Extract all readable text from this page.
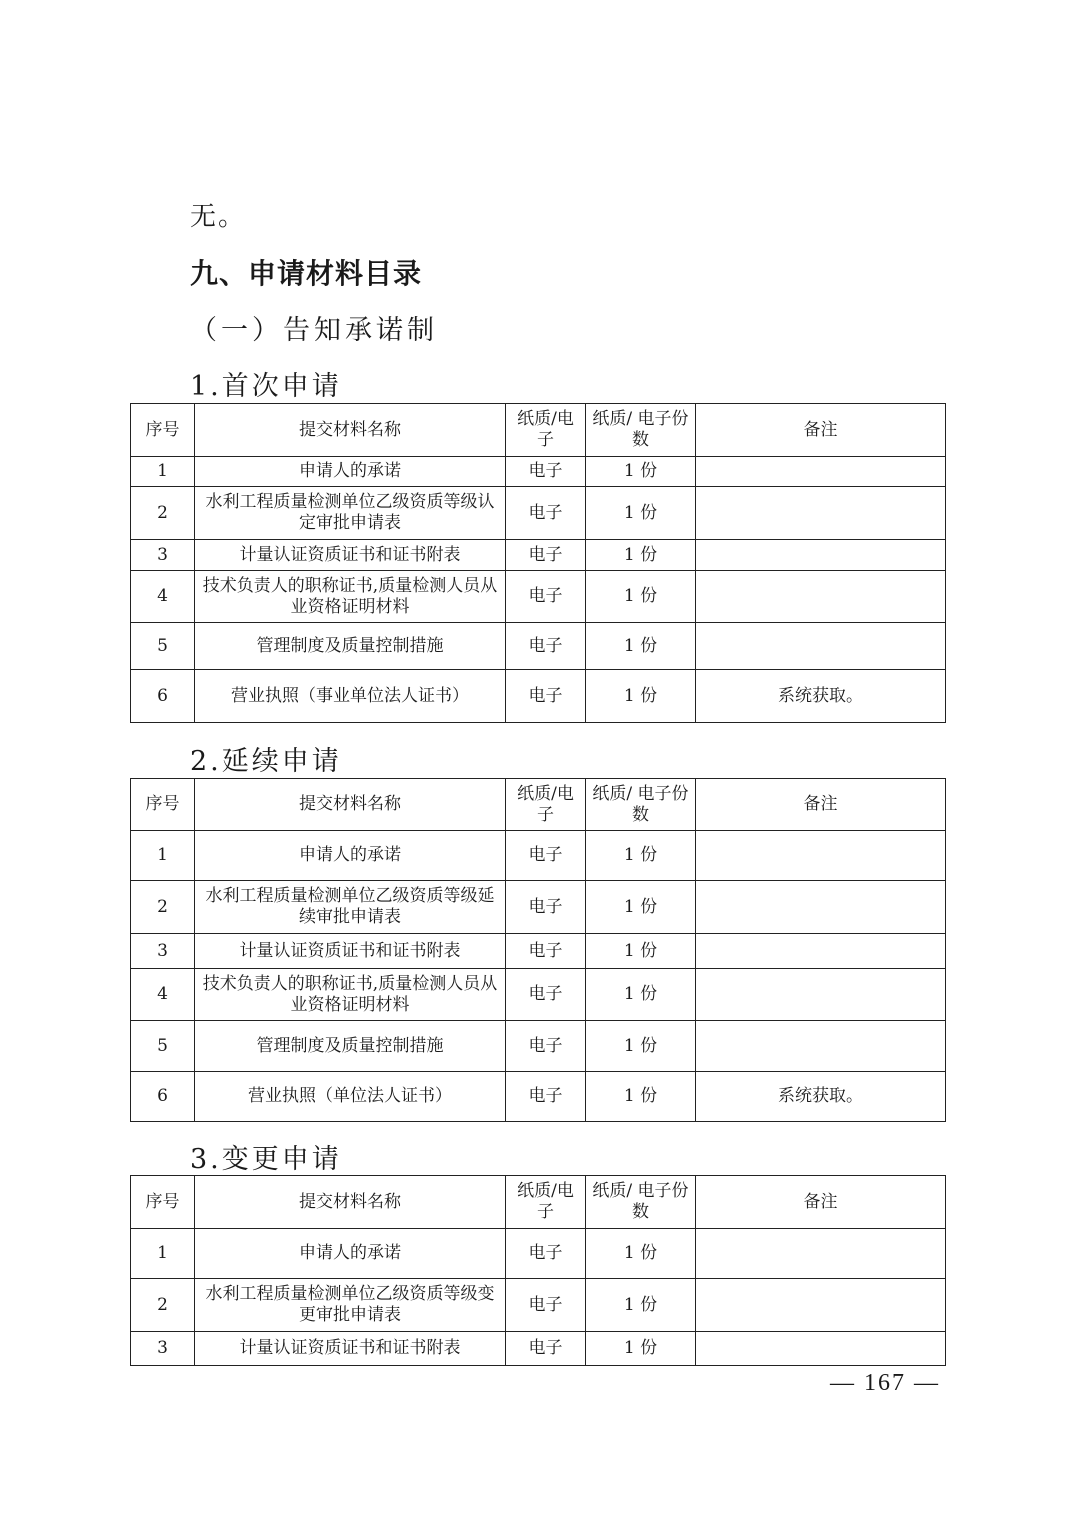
无。
九、申请材料目录
（一）告知承诺制
1.首次申请
序号	提交材料名称	纸质/电子	纸质/ 电子份数	备注
1	申请人的承诺	电子	1 份	
2	水利工程质量检测单位乙级资质等级认定审批申请表	电子	1 份	
3	计量认证资质证书和证书附表	电子	1 份	
4	技术负责人的职称证书,质量检测人员从业资格证明材料	电子	1 份	
5	管理制度及质量控制措施	电子	1 份	
6	营业执照（事业单位法人证书）	电子	1 份	系统获取。
2.延续申请
序号	提交材料名称	纸质/电子	纸质/ 电子份数	备注
1	申请人的承诺	电子	1 份	
2	水利工程质量检测单位乙级资质等级延续审批申请表	电子	1 份	
3	计量认证资质证书和证书附表	电子	1 份	
4	技术负责人的职称证书,质量检测人员从业资格证明材料	电子	1 份	
5	管理制度及质量控制措施	电子	1 份	
6	营业执照（单位法人证书）	电子	1 份	系统获取。
3.变更申请
序号	提交材料名称	纸质/电子	纸质/ 电子份数	备注
1	申请人的承诺	电子	1 份	
2	水利工程质量检测单位乙级资质等级变更审批申请表	电子	1 份	
3	计量认证资质证书和证书附表	电子	1 份	
— 167 —
